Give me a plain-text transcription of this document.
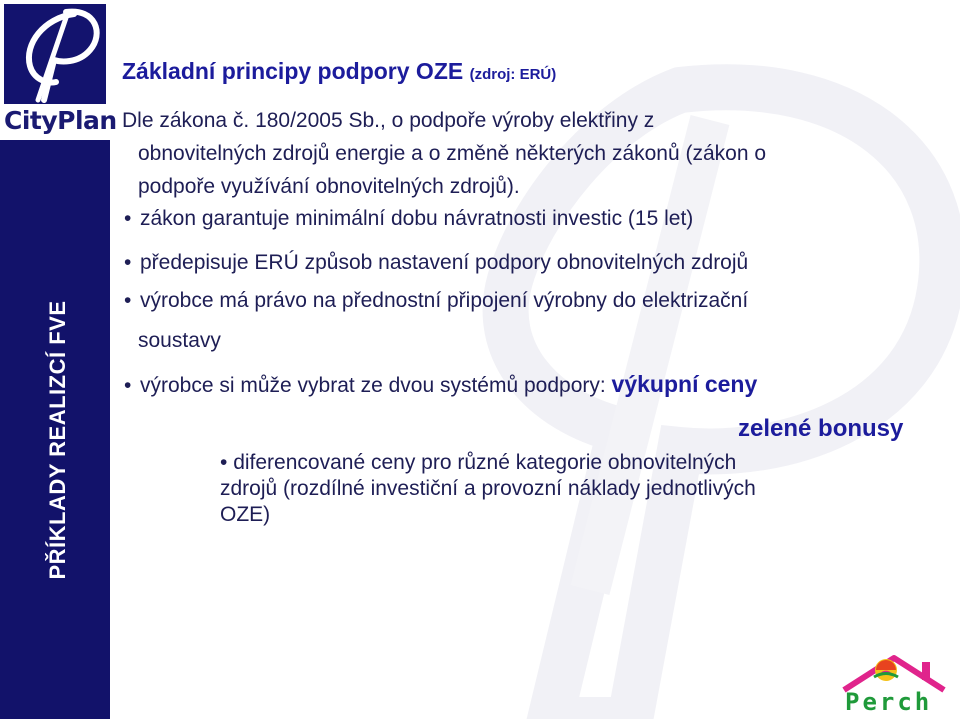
CityPlan
PŘÍKLADY REALIZCÍ FVE
Základní principy podpory OZE (zdroj: ERÚ)
Dle zákona č. 180/2005 Sb., o podpoře výroby elektřiny z
obnovitelných zdrojů energie a o změně některých zákonů (zákon o
podpoře využívání obnovitelných zdrojů).
• zákon garantuje minimální dobu návratnosti investic (15 let)
• předepisuje ERÚ způsob nastavení podpory obnovitelných zdrojů
• výrobce má právo na přednostní připojení výrobny do elektrizační
soustavy
• výrobce si může vybrat ze dvou systémů podpory: výkupní ceny
zelené bonusy
• diferencované ceny pro různé kategorie obnovitelných
zdrojů (rozdílné investiční a provozní náklady jednotlivých
OZE)
Perch
